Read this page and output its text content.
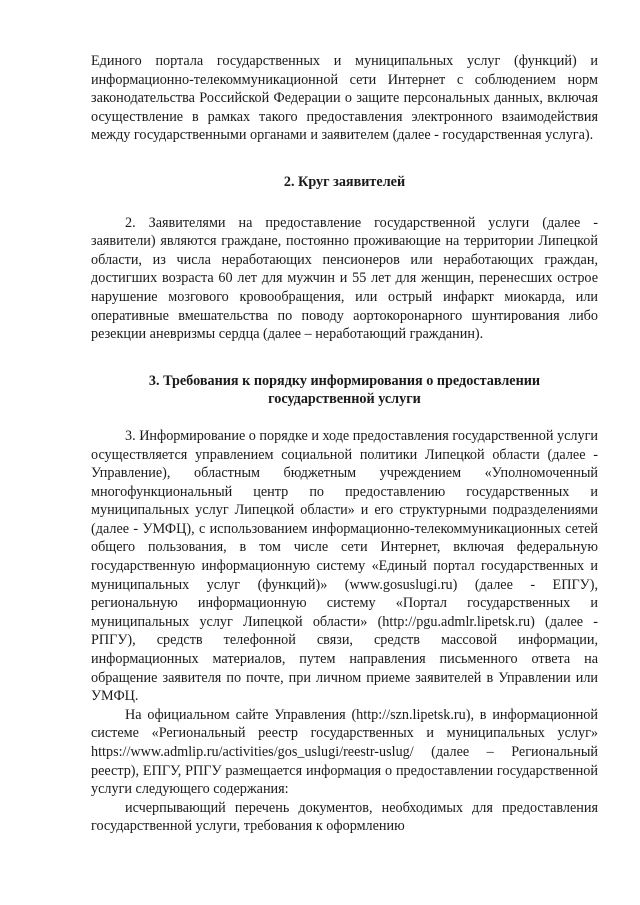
Единого портала государственных и муниципальных услуг (функций) и информационно-телекоммуникационной сети Интернет с соблюдением норм законодательства Российской Федерации о защите персональных данных, включая осуществление в рамках такого предоставления электронного взаимодействия между государственными органами и заявителем (далее - государственная услуга).

2. Круг заявителей

2. Заявителями на предоставление государственной услуги (далее - заявители) являются граждане, постоянно проживающие на территории Липецкой области, из числа неработающих пенсионеров или неработающих граждан, достигших возраста 60 лет для мужчин и 55 лет для женщин, перенесших острое нарушение мозгового кровообращения, или острый инфаркт миокарда, или оперативные вмешательства по поводу аортокоронарного шунтирования либо резекции аневризмы сердца (далее – неработающий гражданин).

3. Требования к порядку информирования о предоставлении

государственной услуги

3. Информирование о порядке и ходе предоставления государственной услуги осуществляется управлением социальной политики Липецкой области (далее - Управление), областным бюджетным учреждением «Уполномоченный многофункциональный центр по предоставлению государственных и муниципальных услуг Липецкой области» и его структурными подразделениями (далее - УМФЦ), с использованием информационно-телекоммуникационных сетей общего пользования, в том числе сети Интернет, включая федеральную государственную информационную систему «Единый портал государственных и муниципальных услуг (функций)» (www.gosuslugi.ru) (далее - ЕПГУ), региональную информационную систему «Портал государственных и муниципальных услуг Липецкой области» (http://pgu.admlr.lipetsk.ru) (далее - РПГУ), средств телефонной связи, средств массовой информации, информационных материалов, путем направления письменного ответа на обращение заявителя по почте, при личном приеме заявителей в Управлении или УМФЦ.

На официальном сайте Управления (http://szn.lipetsk.ru), в информационной системе «Региональный реестр государственных и муниципальных услуг» https://www.admlip.ru/activities/gos_uslugi/reestr-uslug/ (далее – Региональный реестр), ЕПГУ, РПГУ размещается информация о предоставлении государственной услуги следующего содержания:

исчерпывающий перечень документов, необходимых для предоставления государственной услуги, требования к оформлению
